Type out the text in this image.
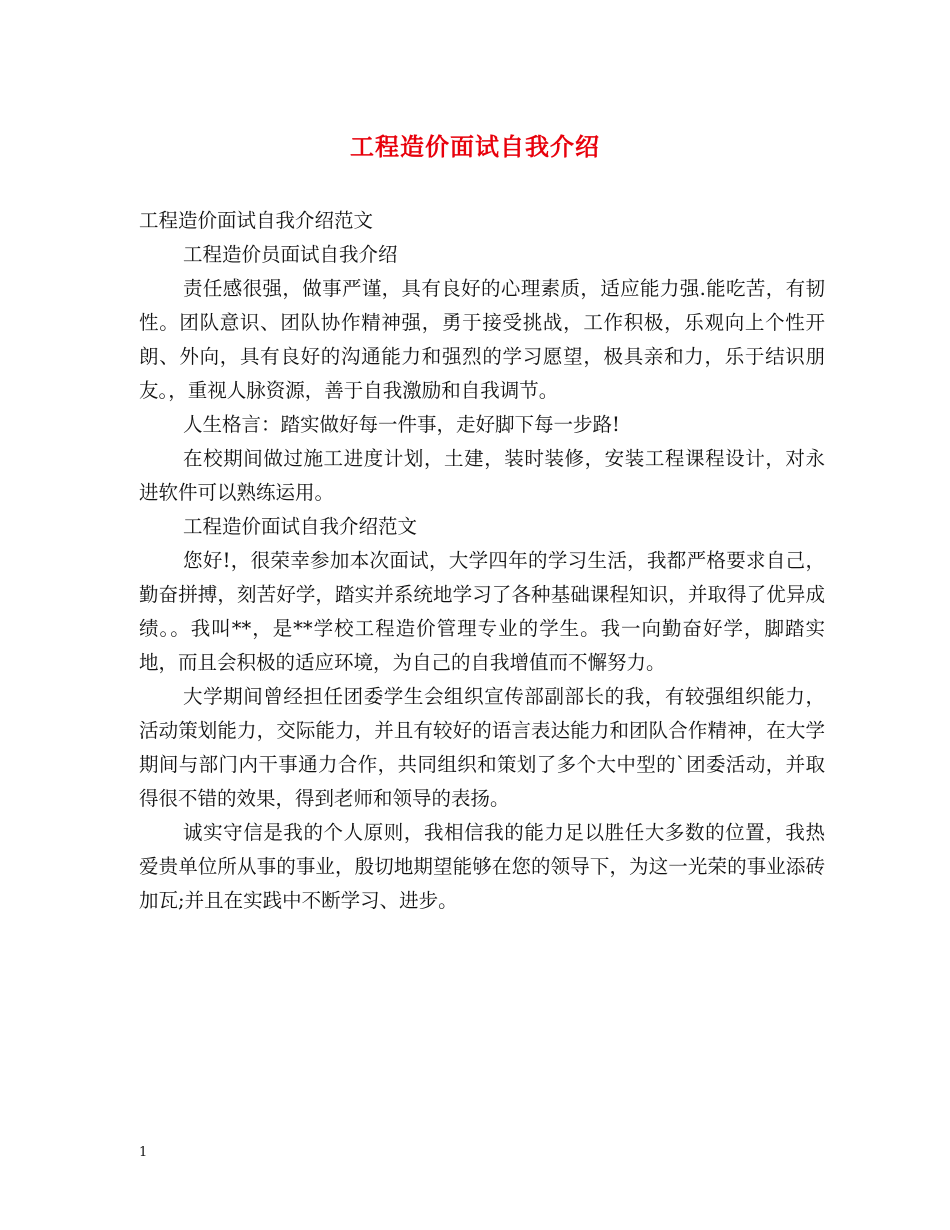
工程造价面试自我介绍

工程造价面试自我介绍范文

工程造价员面试自我介绍

责任感很强，做事严谨，具有良好的心理素质，适应能力强.能吃苦，有韧性。团队意识、团队协作精神强，勇于接受挑战，工作积极，乐观向上个性开朗、外向，具有良好的沟通能力和强烈的学习愿望，极具亲和力，乐于结识朋友。，重视人脉资源，善于自我激励和自我调节。

人生格言：踏实做好每一件事，走好脚下每一步路!

在校期间做过施工进度计划，土建，装时装修，安装工程课程设计，对永进软件可以熟练运用。

工程造价面试自我介绍范文

您好!，很荣幸参加本次面试，大学四年的学习生活，我都严格要求自己，勤奋拼搏，刻苦好学，踏实并系统地学习了各种基础课程知识，并取得了优异成绩。。我叫**，是**学校工程造价管理专业的学生。我一向勤奋好学，脚踏实地，而且会积极的适应环境，为自己的自我增值而不懈努力。

大学期间曾经担任团委学生会组织宣传部副部长的我，有较强组织能力，活动策划能力，交际能力，并且有较好的语言表达能力和团队合作精神，在大学期间与部门内干事通力合作，共同组织和策划了多个大中型的`团委活动，并取得很不错的效果，得到老师和领导的表扬。

诚实守信是我的个人原则，我相信我的能力足以胜任大多数的位置，我热爱贵单位所从事的事业，殷切地期望能够在您的领导下，为这一光荣的事业添砖加瓦;并且在实践中不断学习、进步。

1
